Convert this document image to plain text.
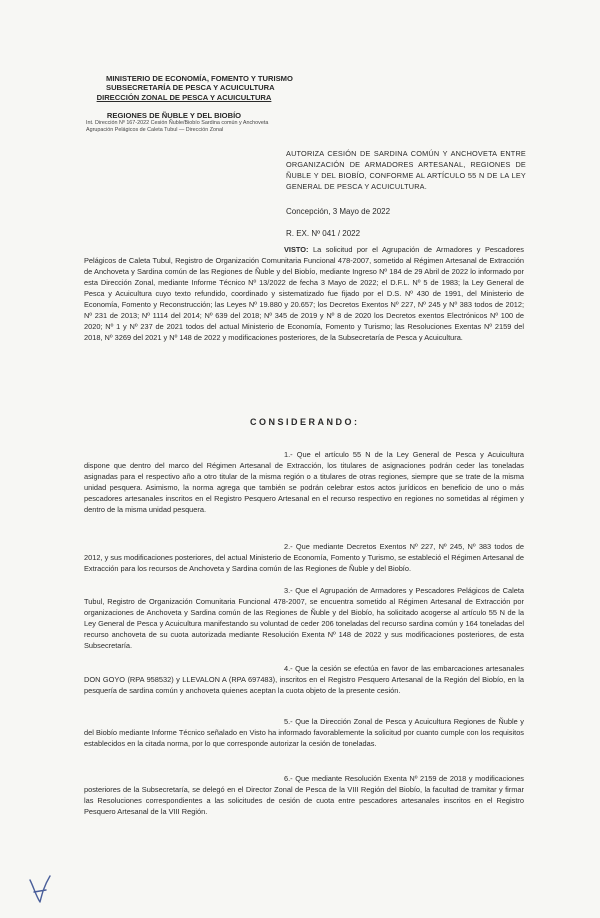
MINISTERIO DE ECONOMÍA, FOMENTO Y TURISMO
SUBSECRETARÍA DE PESCA Y ACUICULTURA
DIRECCIÓN ZONAL DE PESCA Y ACUICULTURA
REGIONES DE ÑUBLE Y DEL BIOBÍO
Int. Dirección Nº 167-2022 Cesión Ñuble/Biobío Sardina común y Anchoveta
Agrupación Pelágicos de Caleta Tubul — Dirección Zonal
AUTORIZA CESIÓN DE SARDINA COMÚN Y ANCHOVETA ENTRE ORGANIZACIÓN DE ARMADORES ARTESANAL, REGIONES DE ÑUBLE Y DEL BIOBÍO, CONFORME AL ARTÍCULO 55 N DE LA LEY GENERAL DE PESCA Y ACUICULTURA.
Concepción, 3 Mayo de 2022
R. EX. Nº 041 / 2022
VISTO: La solicitud por el Agrupación de Armadores y Pescadores Pelágicos de Caleta Tubul, Registro de Organización Comunitaria Funcional 478-2007, sometido al Régimen Artesanal de Extracción de Anchoveta y Sardina común de las Regiones de Ñuble y del Biobío, mediante Ingreso Nº 184 de 29 Abril de 2022 lo informado por esta Dirección Zonal, mediante Informe Técnico Nº 13/2022 de fecha 3 Mayo de 2022; el D.F.L. Nº 5 de 1983; la Ley General de Pesca y Acuicultura cuyo texto refundido, coordinado y sistematizado fue fijado por el D.S. Nº 430 de 1991, del Ministerio de Economía, Fomento y Reconstrucción; las Leyes Nº 19.880 y 20.657; los Decretos Exentos Nº 227, Nº 245 y Nº 383 todos de 2012; Nº 231 de 2013; Nº 1114 del 2014; Nº 639 del 2018; Nº 345 de 2019 y Nº 8 de 2020 los Decretos exentos Electrónicos Nº 100 de 2020; Nº 1 y Nº 237 de 2021 todos del actual Ministerio de Economía, Fomento y Turismo; las Resoluciones Exentas Nº 2159 del 2018, Nº 3269 del 2021 y Nº 148 de 2022 y modificaciones posteriores, de la Subsecretaría de Pesca y Acuicultura.
CONSIDERANDO:

1.- Que el artículo 55 N de la Ley General de Pesca y Acuicultura dispone que dentro del marco del Régimen Artesanal de Extracción, los titulares de asignaciones podrán ceder las toneladas asignadas para el respectivo año a otro titular de la misma región o a titulares de otras regiones, siempre que se trate de la misma unidad pesquera. Asimismo, la norma agrega que también se podrán celebrar estos actos jurídicos en beneficio de uno o más pescadores artesanales inscritos en el Registro Pesquero Artesanal en el recurso respectivo en regiones no sometidas al régimen y dentro de la misma unidad pesquera.

2.- Que mediante Decretos Exentos Nº 227, Nº 245, Nº 383 todos de 2012, y sus modificaciones posteriores, del actual Ministerio de Economía, Fomento y Turismo, se estableció el Régimen Artesanal de Extracción para los recursos de Anchoveta y Sardina común de las Regiones de Ñuble y del Biobío.

3.- Que el Agrupación de Armadores y Pescadores Pelágicos de Caleta Tubul, Registro de Organización Comunitaria Funcional 478-2007, se encuentra sometido al Régimen Artesanal de Extracción por organizaciones de Anchoveta y Sardina común de las Regiones de Ñuble y del Biobío, ha solicitado acogerse al artículo 55 N de la Ley General de Pesca y Acuicultura manifestando su voluntad de ceder 206 toneladas del recurso sardina común y 164 toneladas del recurso anchoveta de su cuota autorizada mediante Resolución Exenta Nº 148 de 2022 y sus modificaciones posteriores, de esta Subsecretaría.

4.- Que la cesión se efectúa en favor de las embarcaciones artesanales DON GOYO (RPA 958532) y LLEVALON A (RPA 697483), inscritos en el Registro Pesquero Artesanal de la Región del Biobío, en la pesquería de sardina común y anchoveta quienes aceptan la cuota objeto de la presente cesión.

5.- Que la Dirección Zonal de Pesca y Acuicultura Regiones de Ñuble y del Biobío mediante Informe Técnico señalado en Visto ha informado favorablemente la solicitud por cuanto cumple con los requisitos establecidos en la citada norma, por lo que corresponde autorizar la cesión de toneladas.

6.- Que mediante Resolución Exenta Nº 2159 de 2018 y modificaciones posteriores de la Subsecretaría, se delegó en el Director Zonal de Pesca de la VIII Región del Biobío, la facultad de tramitar y firmar las Resoluciones correspondientes a las solicitudes de cesión de cuota entre pescadores artesanales inscritos en el Registro Pesquero Artesanal de la VIII Región.
